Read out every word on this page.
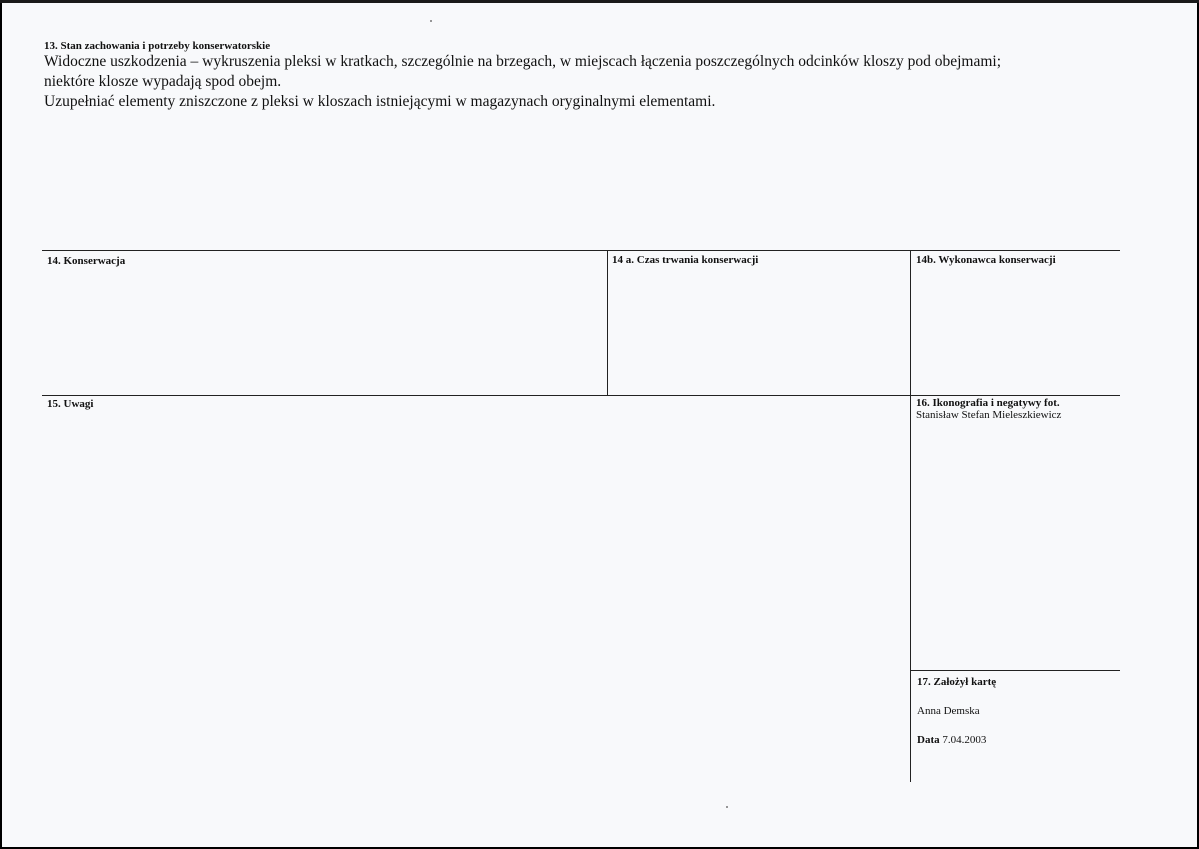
13. Stan zachowania i potrzeby konserwatorskie

Widoczne uszkodzenia – wykruszenia pleksi w kratkach, szczególnie na brzegach, w miejscach łączenia poszczególnych odcinków kloszy pod obejmami;

niektóre klosze wypadają spod obejm.

Uzupełniać elementy zniszczone z pleksi w kloszach istniejącymi w magazynach oryginalnymi elementami.

14. Konserwacja	14 a. Czas trwania konserwacji	14b. Wykonawca konserwacji
15. Uwagi	16. Ikonografia i negatywy fot.
Stanisław Stefan Mieleszkiewicz
17. Założył kartę
Anna Demska
Data 7.04.2003
